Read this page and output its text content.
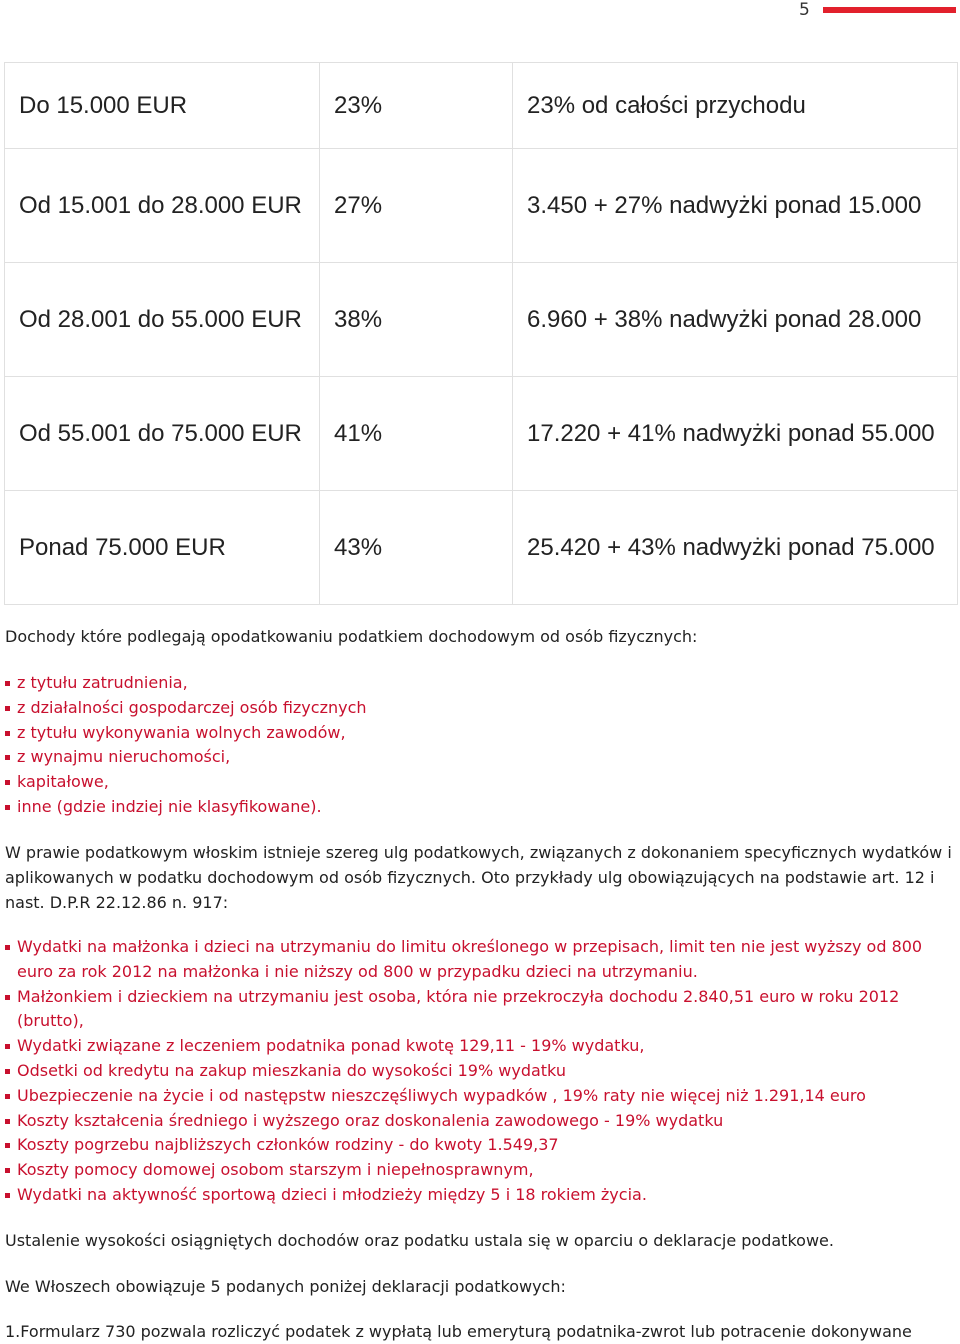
5
Do 15.000 EUR	23%	23% od całości przychodu
Od 15.001 do 28.000 EUR	27%	3.450 + 27% nadwyżki ponad 15.000
Od 28.001 do 55.000 EUR	38%	6.960 + 38% nadwyżki ponad 28.000
Od 55.001 do 75.000 EUR	41%	17.220 + 41% nadwyżki ponad 55.000
Ponad 75.000 EUR	43%	25.420 + 43% nadwyżki ponad 75.000
Dochody które podlegają opodatkowaniu podatkiem dochodowym od osób fizycznych:
z tytułu zatrudnienia,
z działalności gospodarczej osób fizycznych
z tytułu wykonywania wolnych zawodów,
z wynajmu nieruchomości,
kapitałowe,
inne (gdzie indziej nie klasyfikowane).
W prawie podatkowym włoskim istnieje szereg ulg podatkowych, związanych z dokonaniem specyficznych wydatków i aplikowanych w podatku dochodowym od osób fizycznych. Oto przykłady ulg obowiązujących na podstawie art. 12 i nast. D.P.R 22.12.86 n. 917:
Wydatki na małżonka i dzieci na utrzymaniu do limitu określonego w przepisach, limit ten nie jest wyższy od 800 euro za rok 2012 na małżonka i nie niższy od 800 w przypadku dzieci na utrzymaniu.
Małżonkiem i dzieckiem na utrzymaniu jest osoba, która nie przekroczyła dochodu 2.840,51 euro w roku 2012 (brutto),
Wydatki związane z leczeniem podatnika ponad kwotę 129,11 - 19% wydatku,
Odsetki od kredytu na zakup mieszkania do wysokości 19% wydatku
Ubezpieczenie na życie i od następstw nieszczęśliwych wypadków , 19% raty nie więcej niż 1.291,14 euro
Koszty kształcenia średniego i wyższego oraz doskonalenia zawodowego - 19% wydatku
Koszty pogrzebu najbliższych członków rodziny - do kwoty 1.549,37
Koszty pomocy domowej osobom starszym i niepełnosprawnym,
Wydatki na aktywność sportową dzieci i młodzieży między 5 i 18 rokiem życia.
Ustalenie wysokości osiągniętych dochodów oraz podatku ustala się w oparciu o deklaracje podatkowe.
We Włoszech obowiązuje 5 podanych poniżej deklaracji podatkowych:
1.Formularz 730 pozwala rozliczyć podatek z wypłatą lub emeryturą podatnika-zwrot lub potracenie dokonywane
